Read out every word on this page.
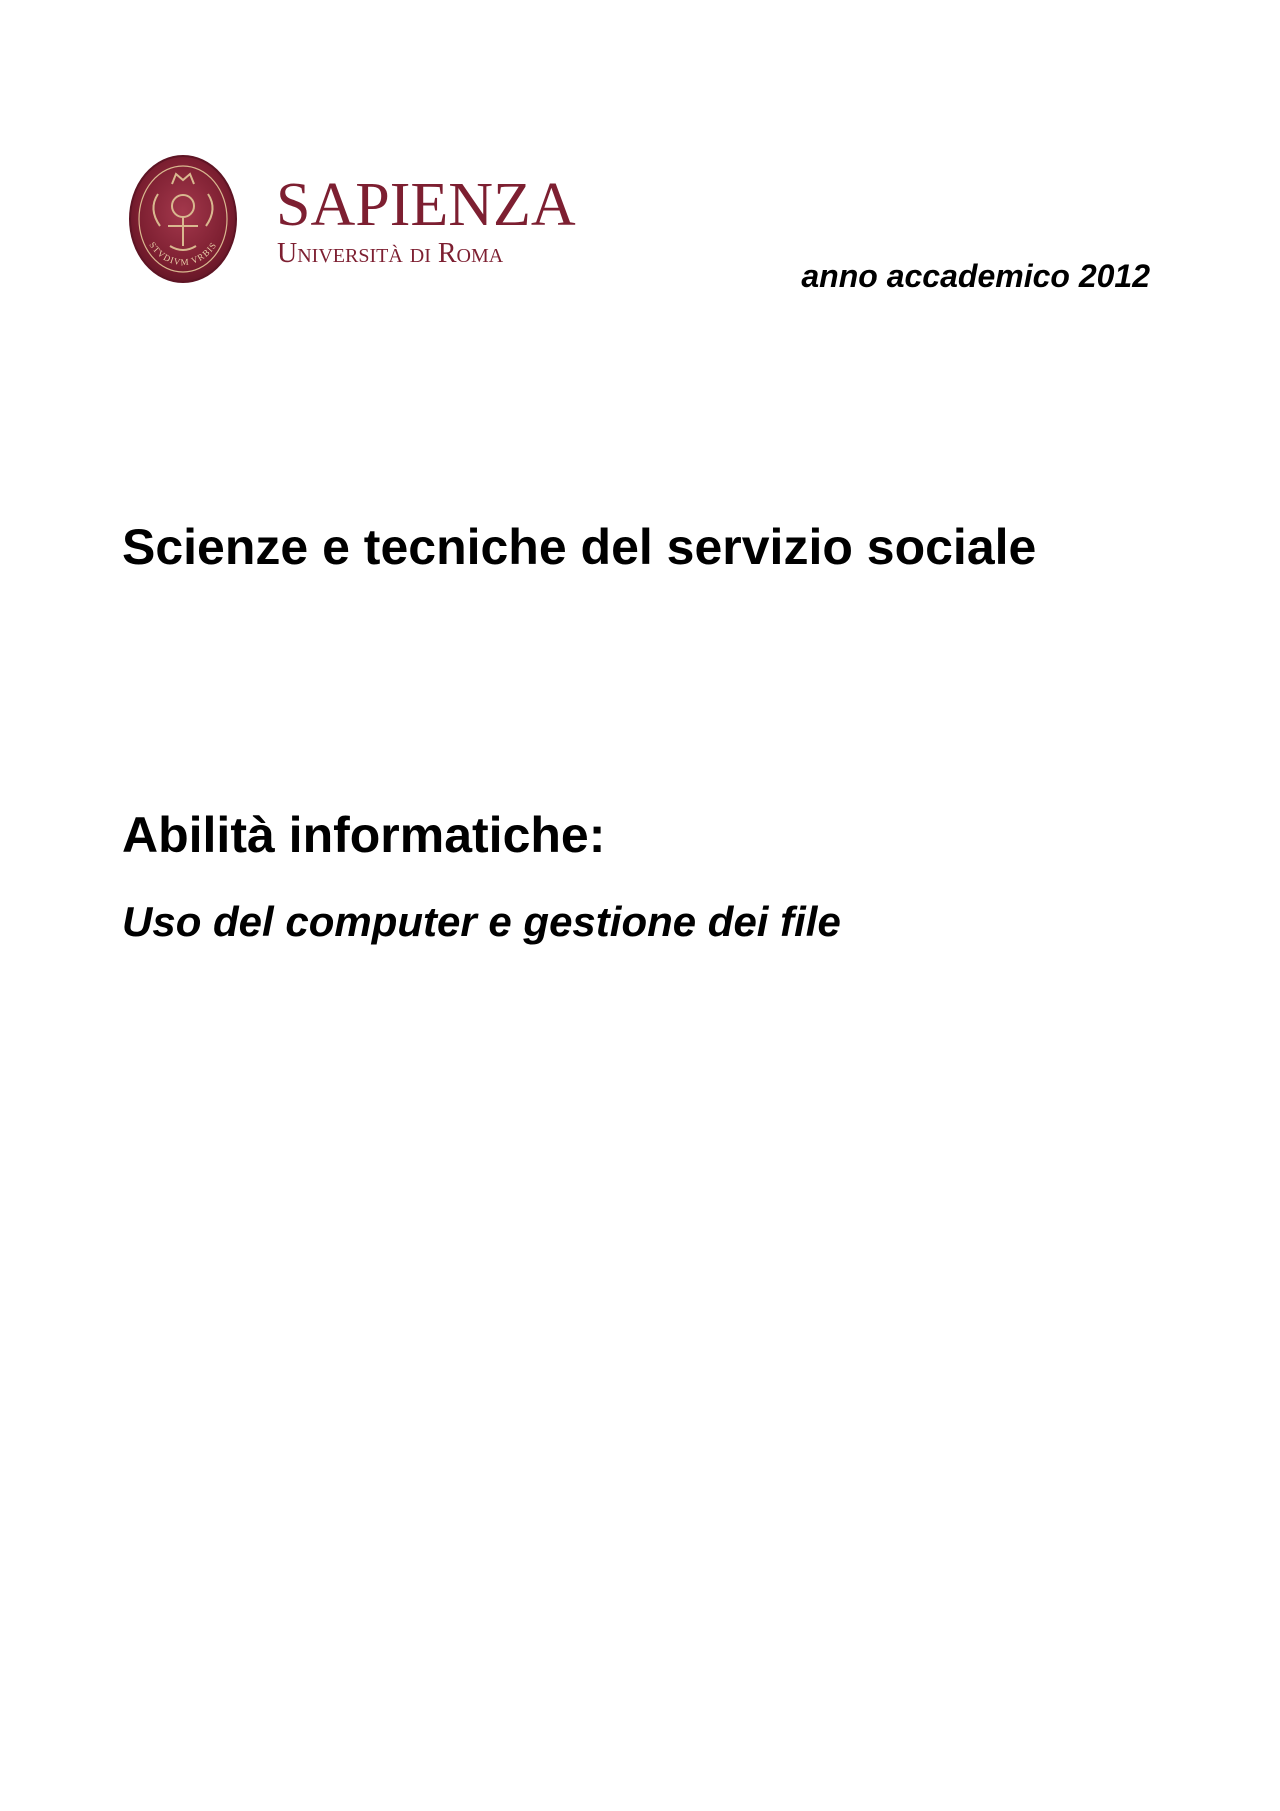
STVDIVM VRBIS
SAPIENZA
Università di Roma
anno accademico 2012
Scienze e tecniche del servizio sociale
Abilità informatiche:
Uso del computer e gestione dei file
